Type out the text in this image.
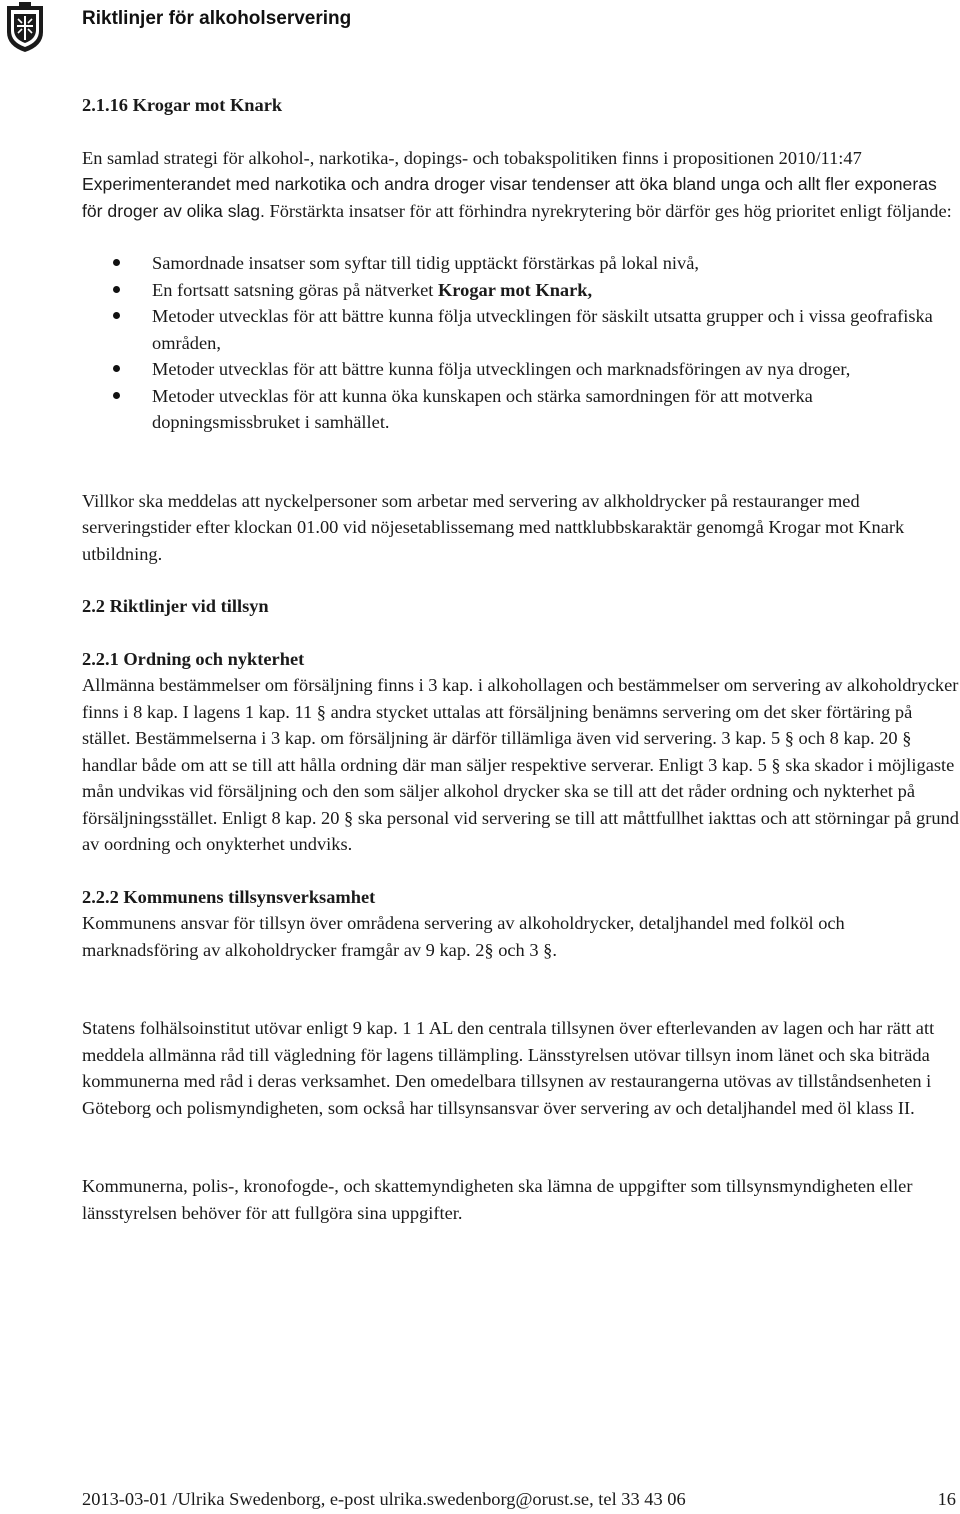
Riktlinjer för alkoholservering
2.1.16 Krogar mot Knark

En samlad strategi för alkohol-, narkotika-, dopings- och tobakspolitiken finns i propositionen 2010/11:47

Experimenterandet med narkotika och andra droger visar tendenser att öka bland unga och allt fler exponeras för droger av olika slag. Förstärkta insatser för att förhindra nyrekrytering bör därför ges hög prioritet enligt följande:

Samordnade insatser som syftar till tidig upptäckt förstärkas på lokal nivå,
En fortsatt satsning göras på nätverket Krogar mot Knark,
Metoder utvecklas för att bättre kunna följa utvecklingen för säskilt utsatta grupper och i vissa geofrafiska områden,
Metoder utvecklas för att bättre kunna följa utvecklingen och marknadsföringen av nya droger,
Metoder utvecklas för att kunna öka kunskapen och stärka samordningen för att motverka dopningsmissbruket i samhället.

Villkor ska meddelas att nyckelpersoner som arbetar med servering av alkholdrycker på restauranger med serveringstider efter klockan 01.00 vid nöjesetablissemang med nattklubbskaraktär genomgå Krogar mot Knark utbildning.

2.2 Riktlinjer vid tillsyn
2.2.1 Ordning och nykterhet

Allmänna bestämmelser om försäljning finns i 3 kap. i alkohollagen och bestämmelser om servering av alkoholdrycker finns i 8 kap. I lagens 1 kap. 11 § andra stycket uttalas att försäljning benämns servering om det sker förtäring på stället. Bestämmelserna i 3 kap. om försäljning är därför tillämliga även vid servering. 3 kap. 5 § och 8 kap. 20 § handlar både om att se till att hålla ordning där man säljer respektive serverar. Enligt 3 kap. 5 § ska skador i möjligaste mån undvikas vid försäljning och den som säljer alkohol drycker ska se till att det råder ordning och nykterhet på försäljningsstället. Enligt 8 kap. 20 § ska personal vid servering se till att måttfullhet iakttas och att störningar på grund av oordning och onykterhet undviks.

2.2.2 Kommunens tillsynsverksamhet

Kommunens ansvar för tillsyn över områdena servering av alkoholdrycker, detaljhandel med folköl och marknadsföring av alkoholdrycker framgår av 9 kap. 2§ och 3 §.

Statens folhälsoinstitut utövar enligt 9 kap. 1 1 AL den centrala tillsynen över efterlevanden av lagen och har rätt att meddela allmänna råd till vägledning för lagens tillämpling. Länsstyrelsen utövar tillsyn inom länet och ska biträda kommunerna med råd i deras verksamhet. Den omedelbara tillsynen av restaurangerna utövas av tillståndsenheten i Göteborg och polismyndigheten, som också har tillsynsansvar över servering av och detaljhandel med öl klass II.

Kommunerna, polis-, kronofogde-, och skattemyndigheten ska lämna de uppgifter som tillsynsmyndigheten eller länsstyrelsen behöver för att fullgöra sina uppgifter.

2013-03-01 /Ulrika Swedenborg, e-post ulrika.swedenborg@orust.se, tel 33 43 06	16
